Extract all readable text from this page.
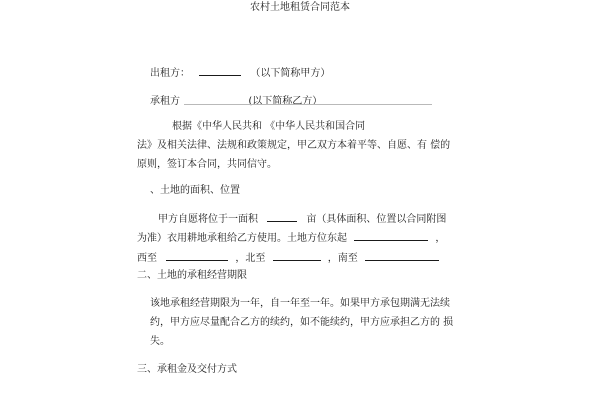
农村土地租赁合同范本
出租方：	（以下简称甲方）
承租方	(以下简称乙方）
根据《中华人民共和 《中华人民共和国合同
法》及相关法律、法规和政策规定，甲乙双方本着平等、自愿、有 偿的
原则，签订本合同，共同信守。
、土地的面积、位置
甲方自愿将位于一面积	亩（具体面积、位置以合同附图
为准）衣用耕地承租给乙方使用。土地方位东起	，
西至	，北至	，南至
二、土地的承租经营期限
该地承租经营期限为一年，自一年至一年。如果甲方承包期满无法续
约，甲方应尽量配合乙方的续约，如不能续约，甲方应承担乙方的 损
失。
三、承租金及交付方式
